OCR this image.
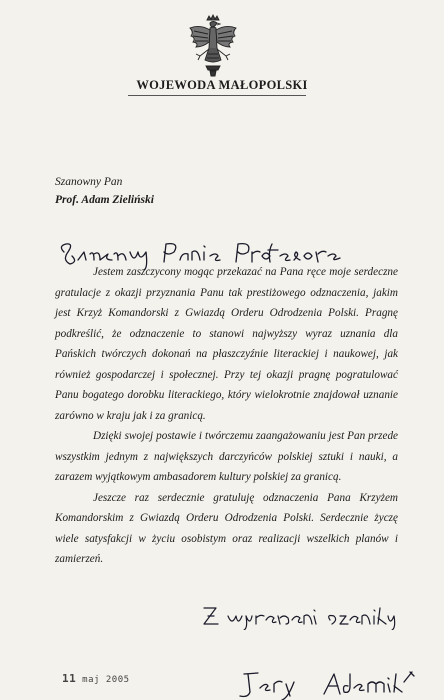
WOJEWODA MAŁOPOLSKI
Szanowny Pan
Prof. Adam Zieliński

Jestem zaszczycony mogąc przekazać na Pana ręce moje serdeczne gratulacje z okazji przyznania Panu tak prestiżowego odznaczenia, jakim jest Krzyż Komandorski z Gwiazdą Orderu Odrodzenia Polski. Pragnę podkreślić, że odznaczenie to stanowi najwyższy wyraz uznania dla Pańskich twórczych dokonań na płaszczyźnie literackiej i naukowej, jak również gospodarczej i społecznej. Przy tej okazji pragnę pogratulować Panu bogatego dorobku literackiego, który wielokrotnie znajdował uznanie zarówno w kraju jak i za granicą.

Dzięki swojej postawie i twórczemu zaangażowaniu jest Pan przede wszystkim jednym z największych darczyńców polskiej sztuki i nauki, a zarazem wyjątkowym ambasadorem kultury polskiej za granicą.

Jeszcze raz serdecznie gratuluję odznaczenia Pana Krzyżem Komandorskim z Gwiazdą Orderu Odrodzenia Polski. Serdecznie życzę wiele satysfakcji w życiu osobistym oraz realizacji wszelkich planów i zamierzeń.

11 maj 2005
